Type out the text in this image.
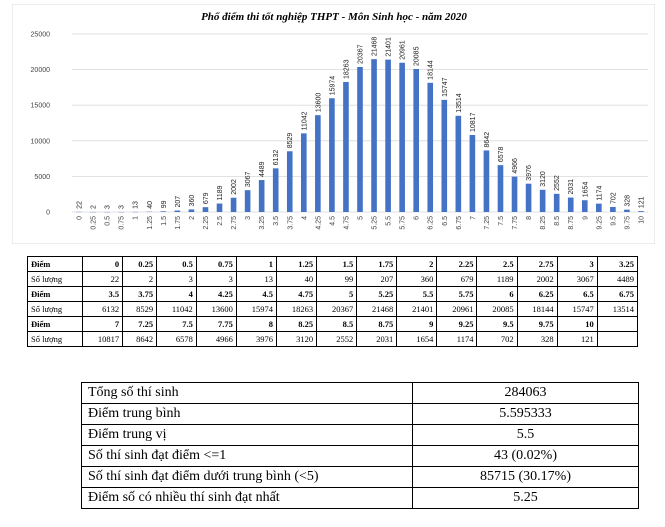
Phổ điểm thi tốt nghiệp THPT - Môn Sinh học - năm 2020
22 2 3 3 13 40 99 207 360 679 1189 2002 3067
4489
6132
8529
11042
13600
15974
18263
20367 21468 21401 20961 20085
18144
15747
13514
10817
8642
6578
4966 3976 3120 2552 2031 1654 1174 702 328 121
0 0.25 0.5 0.75 1 1.25 1.5 1.75 2 2.25 2.5 2.75 3 3.25 3.5 3.75 4 4.25 4.5 4.75 5 5.25 5.5 5.75 6 6.25 6.5 6.75 7 7.25 7.5 7.75 8 8.25 8.5 8.75 9 9.25 9.5 9.75 10
0
5000
10000
15000
20000
25000
Điểm	0	0.25	0.5	0.75	1	1.25	1.5	1.75	2	2.25	2.5	2.75	3	3.25
Số lượng	22	2	3	3	13	40	99	207	360	679	1189	2002	3067	4489
Điểm	3.5	3.75	4	4.25	4.5	4.75	5	5.25	5.5	5.75	6	6.25	6.5	6.75
Số lượng	6132	8529	11042	13600	15974	18263	20367	21468	21401	20961	20085	18144	15747	13514
Điểm	7	7.25	7.5	7.75	8	8.25	8.5	8.75	9	9.25	9.5	9.75	10	
Số lượng	10817	8642	6578	4966	3976	3120	2552	2031	1654	1174	702	328	121	
Tổng số thí sinh	284063
Điểm trung bình	5.595333
Điểm trung vị	5.5
Số thí sinh đạt điểm <=1	43 (0.02%)
Số thí sinh đạt điểm dưới trung bình (<5)	85715 (30.17%)
Điểm số có nhiều thí sinh đạt nhất	5.25
